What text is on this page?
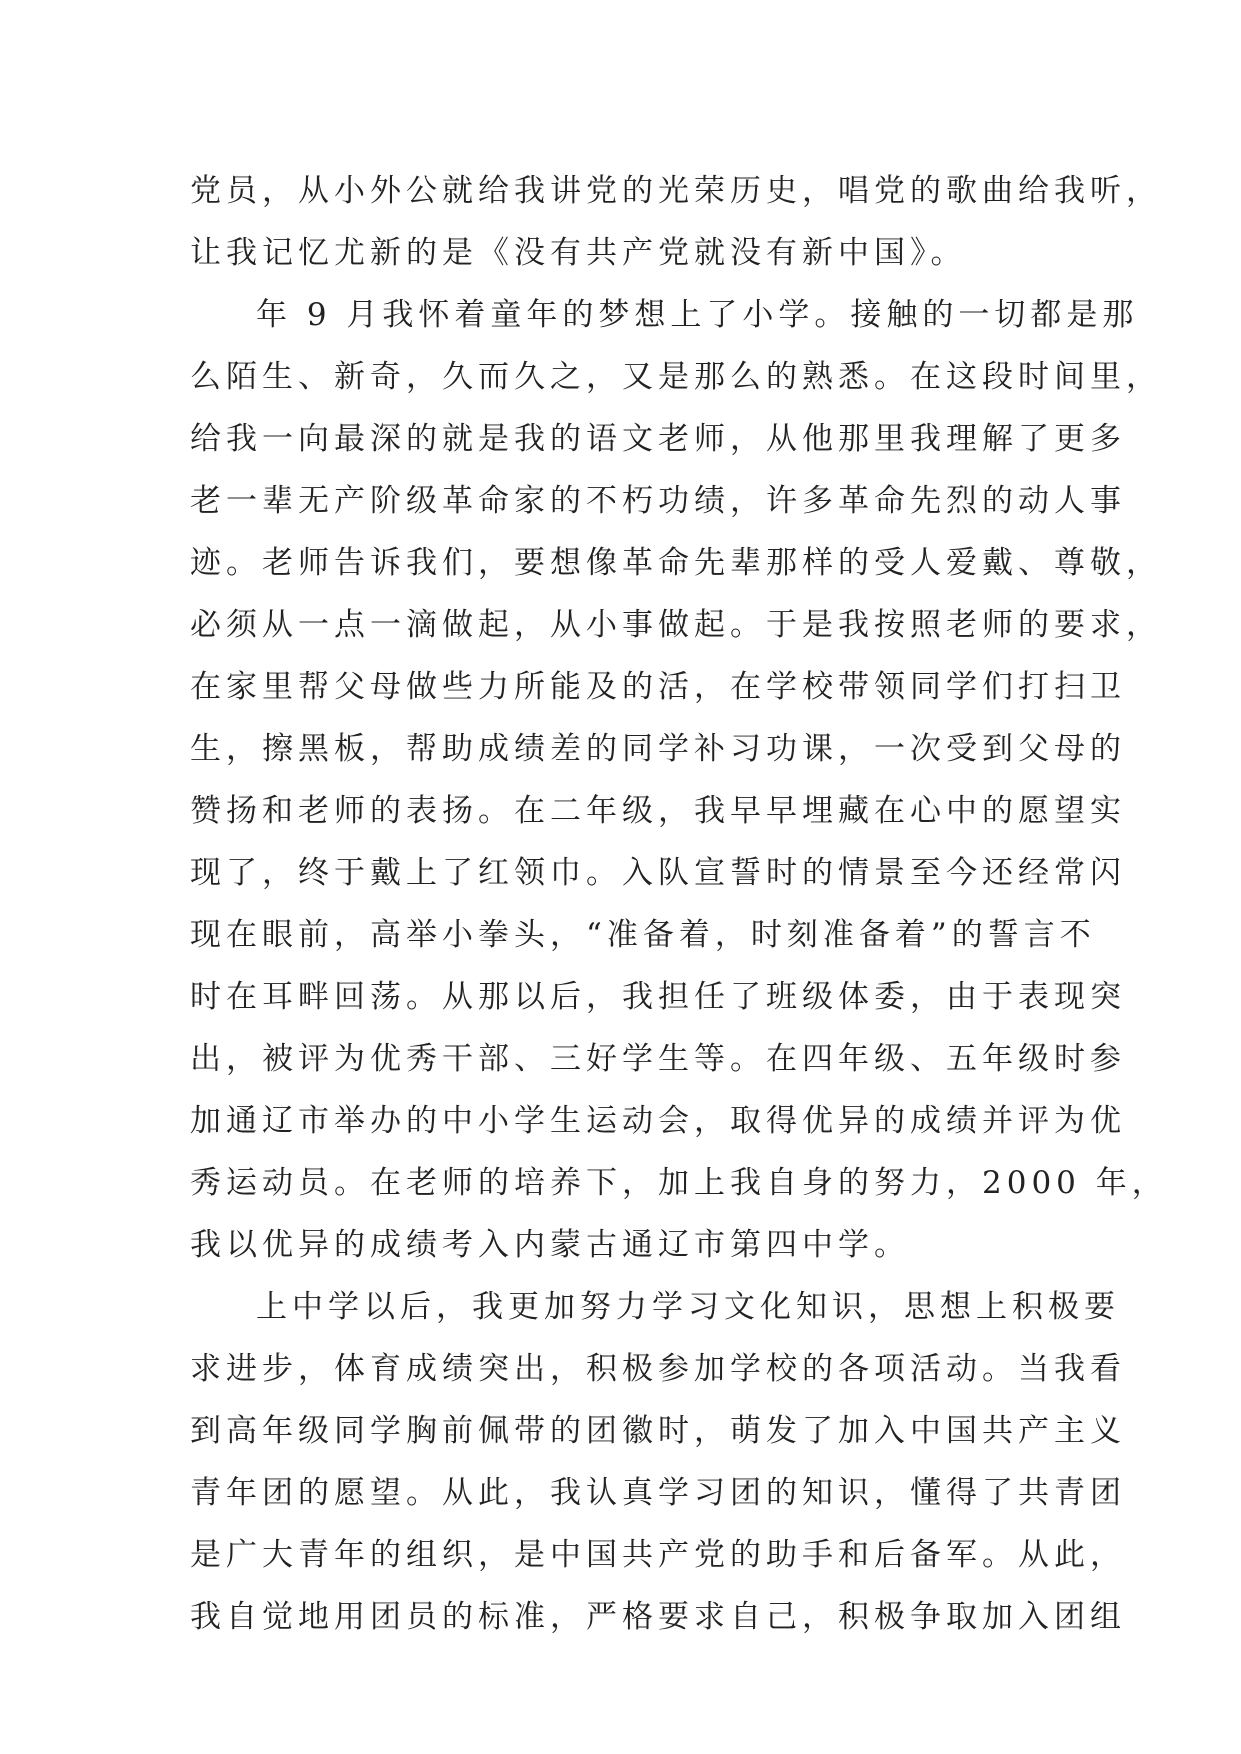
党员，从小外公就给我讲党的光荣历史，唱党的歌曲给我听，
让我记忆尤新的是《没有共产党就没有新中国》。
年 9 月我怀着童年的梦想上了小学。接触的一切都是那
么陌生、新奇，久而久之，又是那么的熟悉。在这段时间里，
给我一向最深的就是我的语文老师，从他那里我理解了更多
老一辈无产阶级革命家的不朽功绩，许多革命先烈的动人事
迹。老师告诉我们，要想像革命先辈那样的受人爱戴、尊敬，
必须从一点一滴做起，从小事做起。于是我按照老师的要求，
在家里帮父母做些力所能及的活，在学校带领同学们打扫卫
生，擦黑板，帮助成绩差的同学补习功课，一次受到父母的
赞扬和老师的表扬。在二年级，我早早埋藏在心中的愿望实
现了，终于戴上了红领巾。入队宣誓时的情景至今还经常闪
现在眼前，高举小拳头，“准备着，时刻准备着”的誓言不
时在耳畔回荡。从那以后，我担任了班级体委，由于表现突
出，被评为优秀干部、三好学生等。在四年级、五年级时参
加通辽市举办的中小学生运动会，取得优异的成绩并评为优
秀运动员。在老师的培养下，加上我自身的努力，2000 年，
我以优异的成绩考入内蒙古通辽市第四中学。
上中学以后，我更加努力学习文化知识，思想上积极要
求进步，体育成绩突出，积极参加学校的各项活动。当我看
到高年级同学胸前佩带的团徽时，萌发了加入中国共产主义
青年团的愿望。从此，我认真学习团的知识，懂得了共青团
是广大青年的组织，是中国共产党的助手和后备军。从此，
我自觉地用团员的标准，严格要求自己，积极争取加入团组
